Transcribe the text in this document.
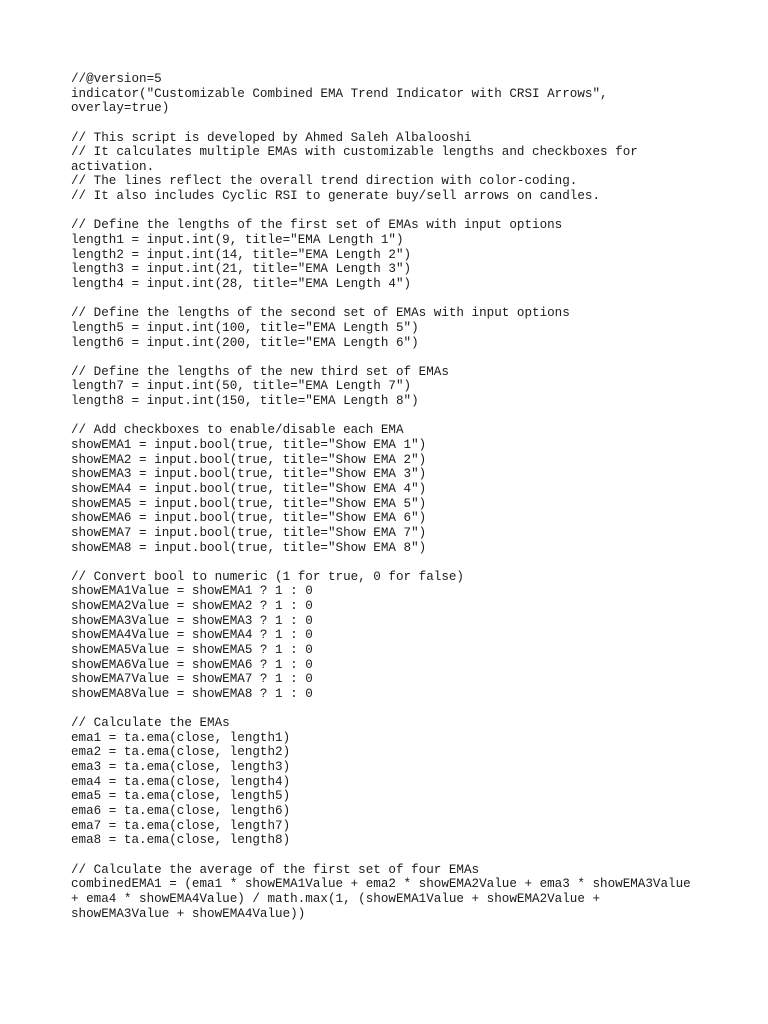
//@version=5
indicator("Customizable Combined EMA Trend Indicator with CRSI Arrows",
overlay=true)
// This script is developed by Ahmed Saleh Albalooshi
// It calculates multiple EMAs with customizable lengths and checkboxes for
activation.
// The lines reflect the overall trend direction with color-coding.
// It also includes Cyclic RSI to generate buy/sell arrows on candles.
// Define the lengths of the first set of EMAs with input options
length1 = input.int(9, title="EMA Length 1")
length2 = input.int(14, title="EMA Length 2")
length3 = input.int(21, title="EMA Length 3")
length4 = input.int(28, title="EMA Length 4")
// Define the lengths of the second set of EMAs with input options
length5 = input.int(100, title="EMA Length 5")
length6 = input.int(200, title="EMA Length 6")
// Define the lengths of the new third set of EMAs
length7 = input.int(50, title="EMA Length 7")
length8 = input.int(150, title="EMA Length 8")
// Add checkboxes to enable/disable each EMA
showEMA1 = input.bool(true, title="Show EMA 1")
showEMA2 = input.bool(true, title="Show EMA 2")
showEMA3 = input.bool(true, title="Show EMA 3")
showEMA4 = input.bool(true, title="Show EMA 4")
showEMA5 = input.bool(true, title="Show EMA 5")
showEMA6 = input.bool(true, title="Show EMA 6")
showEMA7 = input.bool(true, title="Show EMA 7")
showEMA8 = input.bool(true, title="Show EMA 8")
// Convert bool to numeric (1 for true, 0 for false)
showEMA1Value = showEMA1 ? 1 : 0
showEMA2Value = showEMA2 ? 1 : 0
showEMA3Value = showEMA3 ? 1 : 0
showEMA4Value = showEMA4 ? 1 : 0
showEMA5Value = showEMA5 ? 1 : 0
showEMA6Value = showEMA6 ? 1 : 0
showEMA7Value = showEMA7 ? 1 : 0
showEMA8Value = showEMA8 ? 1 : 0
// Calculate the EMAs
ema1 = ta.ema(close, length1)
ema2 = ta.ema(close, length2)
ema3 = ta.ema(close, length3)
ema4 = ta.ema(close, length4)
ema5 = ta.ema(close, length5)
ema6 = ta.ema(close, length6)
ema7 = ta.ema(close, length7)
ema8 = ta.ema(close, length8)
// Calculate the average of the first set of four EMAs
combinedEMA1 = (ema1 * showEMA1Value + ema2 * showEMA2Value + ema3 * showEMA3Value
+ ema4 * showEMA4Value) / math.max(1, (showEMA1Value + showEMA2Value +
showEMA3Value + showEMA4Value))
